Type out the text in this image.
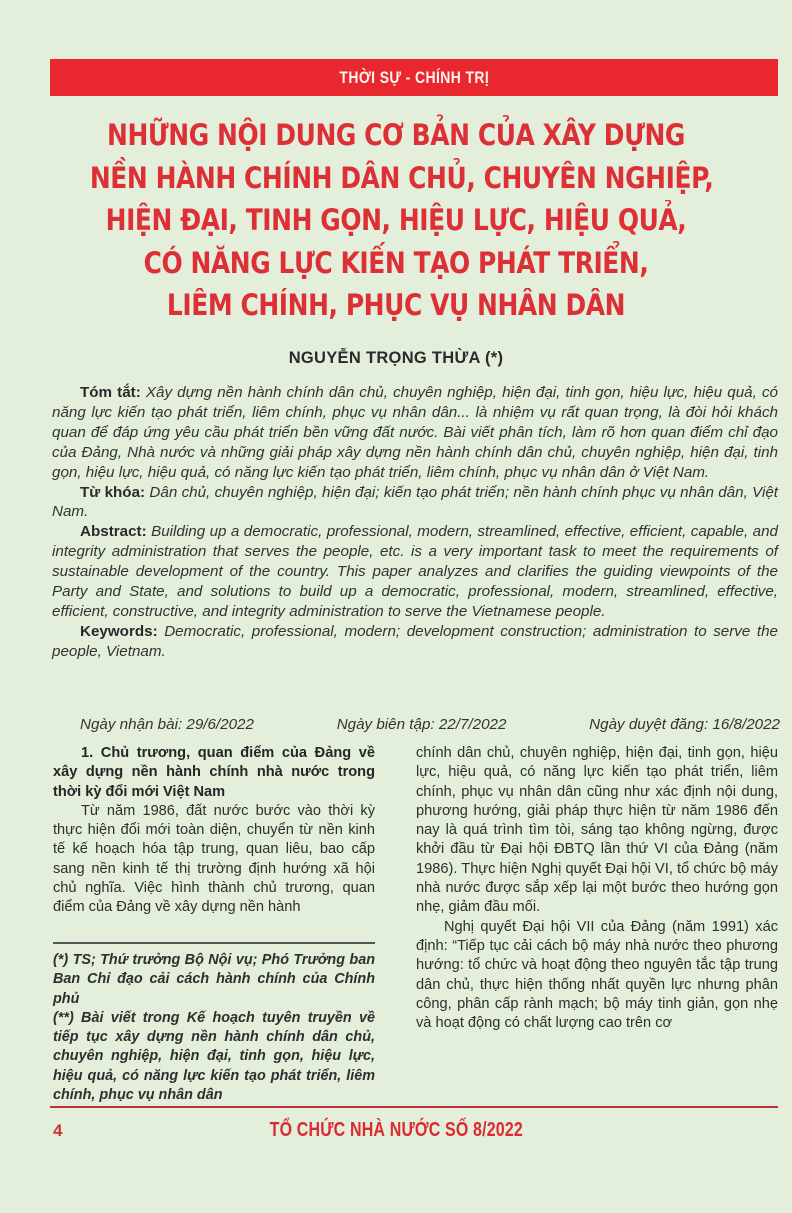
THỜI SỰ - CHÍNH TRỊ
NHỮNG NỘI DUNG CƠ BẢN CỦA XÂY DỰNG
NỀN HÀNH CHÍNH DÂN CHỦ, CHUYÊN NGHIỆP,
HIỆN ĐẠI, TINH GỌN, HIỆU LỰC, HIỆU QUẢ,
CÓ NĂNG LỰC KIẾN TẠO PHÁT TRIỂN,
LIÊM CHÍNH, PHỤC VỤ NHÂN DÂN
NGUYỄN TRỌNG THỪA (*)

Tóm tắt: Xây dựng nền hành chính dân chủ, chuyên nghiệp, hiện đại, tinh gọn, hiệu lực, hiệu quả, có năng lực kiến tạo phát triển, liêm chính, phục vụ nhân dân... là nhiệm vụ rất quan trọng, là đòi hỏi khách quan để đáp ứng yêu cầu phát triển bền vững đất nước. Bài viết phân tích, làm rõ hơn quan điểm chỉ đạo của Đảng, Nhà nước và những giải pháp xây dựng nền hành chính dân chủ, chuyên nghiệp, hiện đại, tinh gọn, hiệu lực, hiệu quả, có năng lực kiến tạo phát triển, liêm chính, phục vụ nhân dân ở Việt Nam.

Từ khóa: Dân chủ, chuyên nghiệp, hiện đại; kiến tạo phát triển; nền hành chính phục vụ nhân dân, Việt Nam.

Abstract: Building up a democratic, professional, modern, streamlined, effective, efficient, capable, and integrity administration that serves the people, etc. is a very important task to meet the requirements of sustainable development of the country. This paper analyzes and clarifies the guiding viewpoints of the Party and State, and solutions to build up a democratic, professional, modern, streamlined, effective, efficient, constructive, and integrity administration to serve the Vietnamese people.

Keywords: Democratic, professional, modern; development construction; administration to serve the people, Vietnam.

Ngày nhận bài: 29/6/2022	Ngày biên tập: 22/7/2022	Ngày duyệt đăng: 16/8/2022

1. Chủ trương, quan điểm của Đảng về xây dựng nền hành chính nhà nước trong thời kỳ đổi mới Việt Nam

Từ năm 1986, đất nước bước vào thời kỳ thực hiện đổi mới toàn diện, chuyển từ nền kinh tế kế hoạch hóa tập trung, quan liêu, bao cấp sang nền kinh tế thị trường định hướng xã hội chủ nghĩa. Việc hình thành chủ trương, quan điểm của Đảng về xây dựng nền hành

(*) TS; Thứ trưởng Bộ Nội vụ; Phó Trưởng ban Ban Chỉ đạo cải cách hành chính của Chính phủ

(**) Bài viết trong Kế hoạch tuyên truyền về tiếp tục xây dựng nền hành chính dân chủ, chuyên nghiệp, hiện đại, tinh gọn, hiệu lực, hiệu quả, có năng lực kiến tạo phát triển, liêm chính, phục vụ nhân dân

chính dân chủ, chuyên nghiệp, hiện đại, tinh gọn, hiệu lực, hiệu quả, có năng lực kiến tạo phát triển, liêm chính, phục vụ nhân dân cũng như xác định nội dung, phương hướng, giải pháp thực hiện từ năm 1986 đến nay là quá trình tìm tòi, sáng tạo không ngừng, được khởi đầu từ Đại hội ĐBTQ lần thứ VI của Đảng (năm 1986). Thực hiện Nghị quyết Đại hội VI, tổ chức bộ máy nhà nước được sắp xếp lại một bước theo hướng gọn nhẹ, giảm đầu mối.

Nghị quyết Đại hội VII của Đảng (năm 1991) xác định: “Tiếp tục cải cách bộ máy nhà nước theo phương hướng: tổ chức và hoạt động theo nguyên tắc tập trung dân chủ, thực hiện thống nhất quyền lực nhưng phân công, phân cấp rành mạch; bộ máy tinh giản, gọn nhẹ và hoạt động có chất lượng cao trên cơ

4	TỔ CHỨC NHÀ NƯỚC SỐ 8/2022
